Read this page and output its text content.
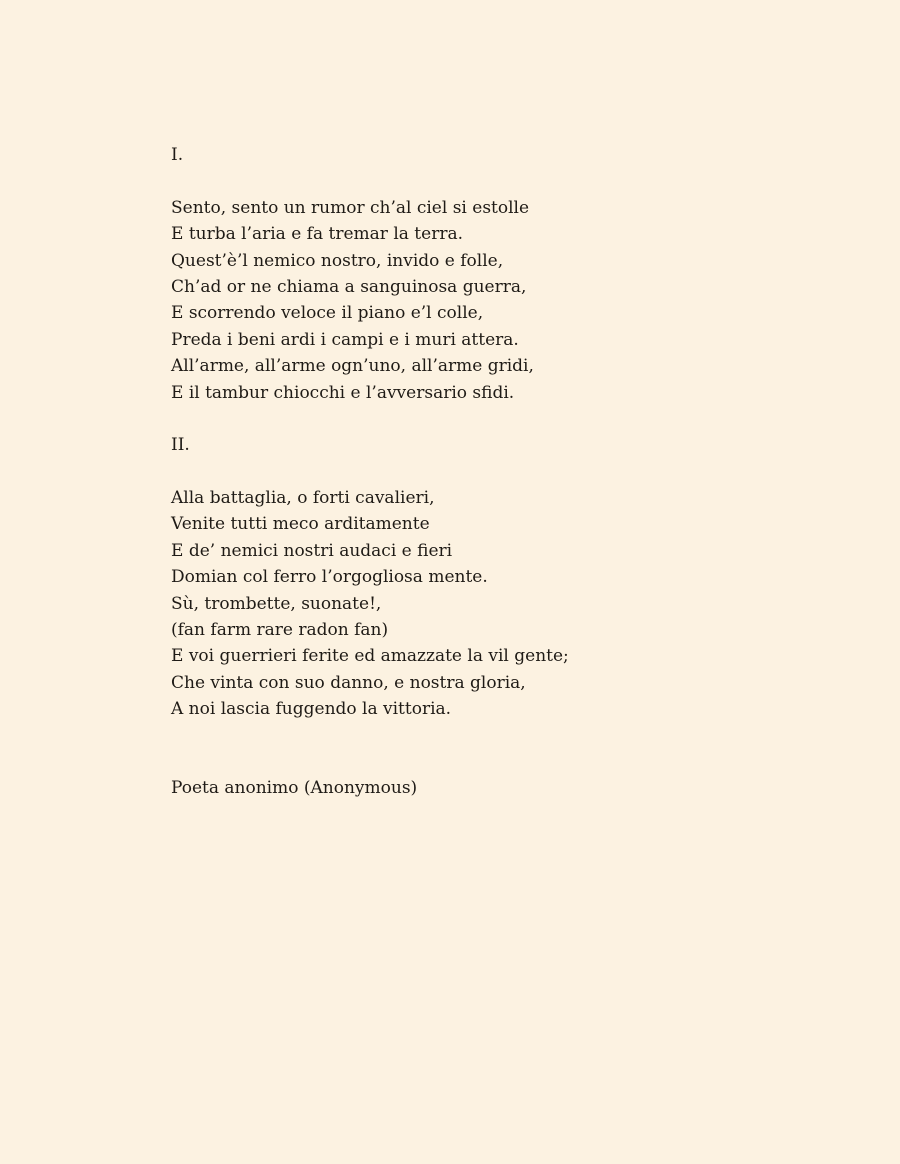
I.
Sento, sento un rumor ch’al ciel si estolle
E turba l’aria e fa tremar la terra.
Quest’è’l nemico nostro, invido e folle,
Ch’ad or ne chiama a sanguinosa guerra,
E scorrendo veloce il piano e’l colle,
Preda i beni ardi i campi e i muri attera.
All’arme, all’arme ogn’uno, all’arme gridi,
E il tambur chiocchi e l’avversario sfidi.
II.
Alla battaglia, o forti cavalieri,
Venite tutti meco arditamente
E de’ nemici nostri audaci e fieri
Domian col ferro l’orgogliosa mente.
Sù, trombette, suonate!,
(fan farm rare radon fan)
E voi guerrieri ferite ed amazzate la vil gente;
Che vinta con suo danno, e nostra gloria,
A noi lascia fuggendo la vittoria.
Poeta anonimo (Anonymous)
